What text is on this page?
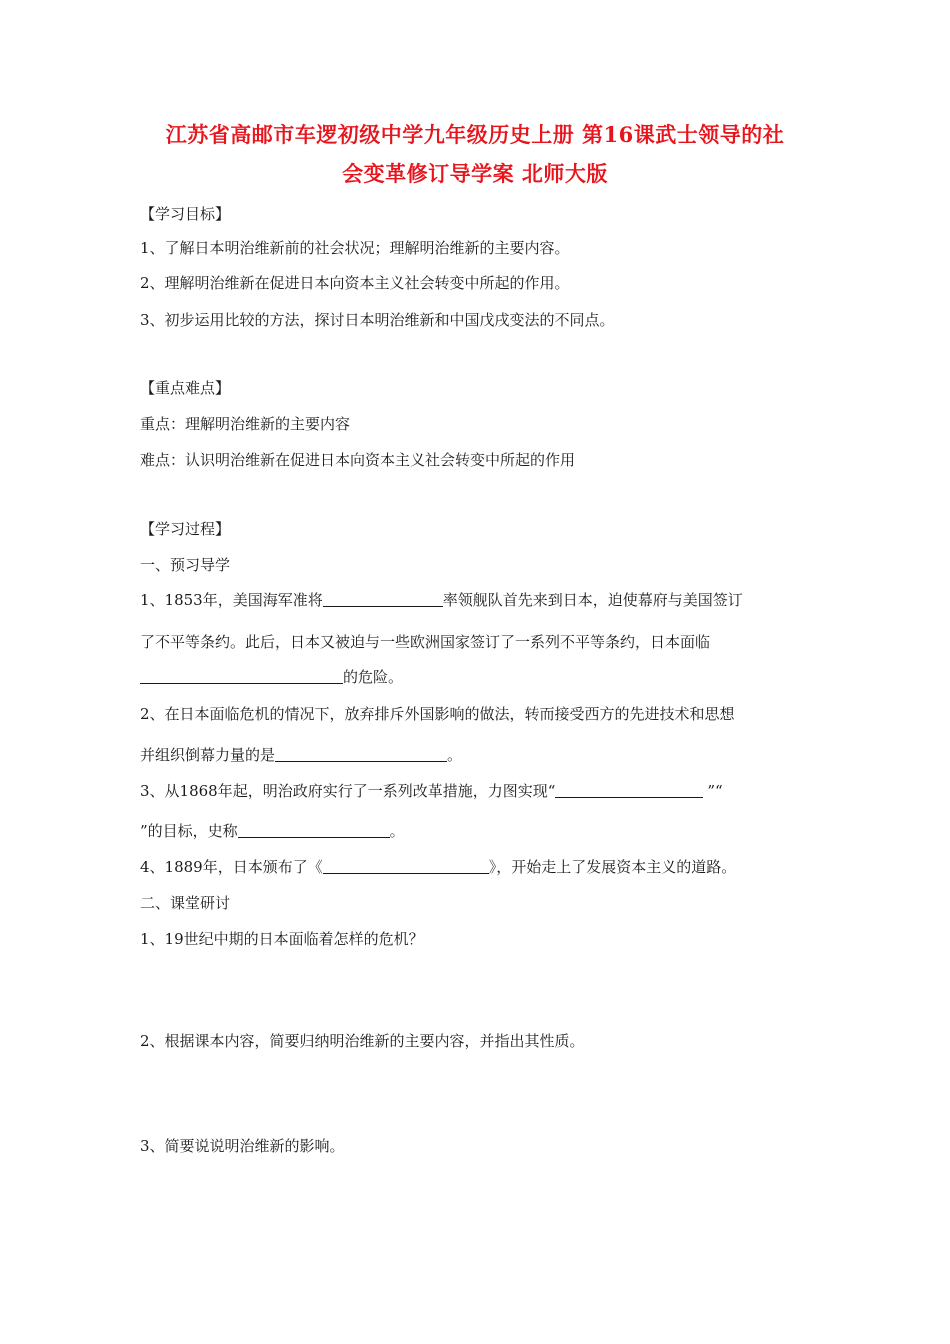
江苏省高邮市车逻初级中学九年级历史上册 第16课武士领导的社
会变革修订导学案 北师大版
【学习目标】
1、了解日本明治维新前的社会状况；理解明治维新的主要内容。
2、理解明治维新在促进日本向资本主义社会转变中所起的作用。
3、初步运用比较的方法，探讨日本明治维新和中国戊戌变法的不同点。
【重点难点】
重点：理解明治维新的主要内容
难点：认识明治维新在促进日本向资本主义社会转变中所起的作用
【学习过程】
一、预习导学
1、1853年，美国海军准将	率领舰队首先来到日本，迫使幕府与美国签订
了不平等条约。此后，日本又被迫与一些欧洲国家签订了一系列不平等条约，日本面临
的危险。
2、在日本面临危机的情况下，放弃排斥外国影响的做法，转而接受西方的先进技术和思想
并组织倒幕力量的是	。
3、从1868年起，明治政府实行了一系列改革措施，力图实现“	”“
”的目标，史称	。
4、1889年，日本颁布了《	》，开始走上了发展资本主义的道路。
二、课堂研讨
1、19世纪中期的日本面临着怎样的危机？
2、根据课本内容，简要归纳明治维新的主要内容，并指出其性质。
3、简要说说明治维新的影响。
